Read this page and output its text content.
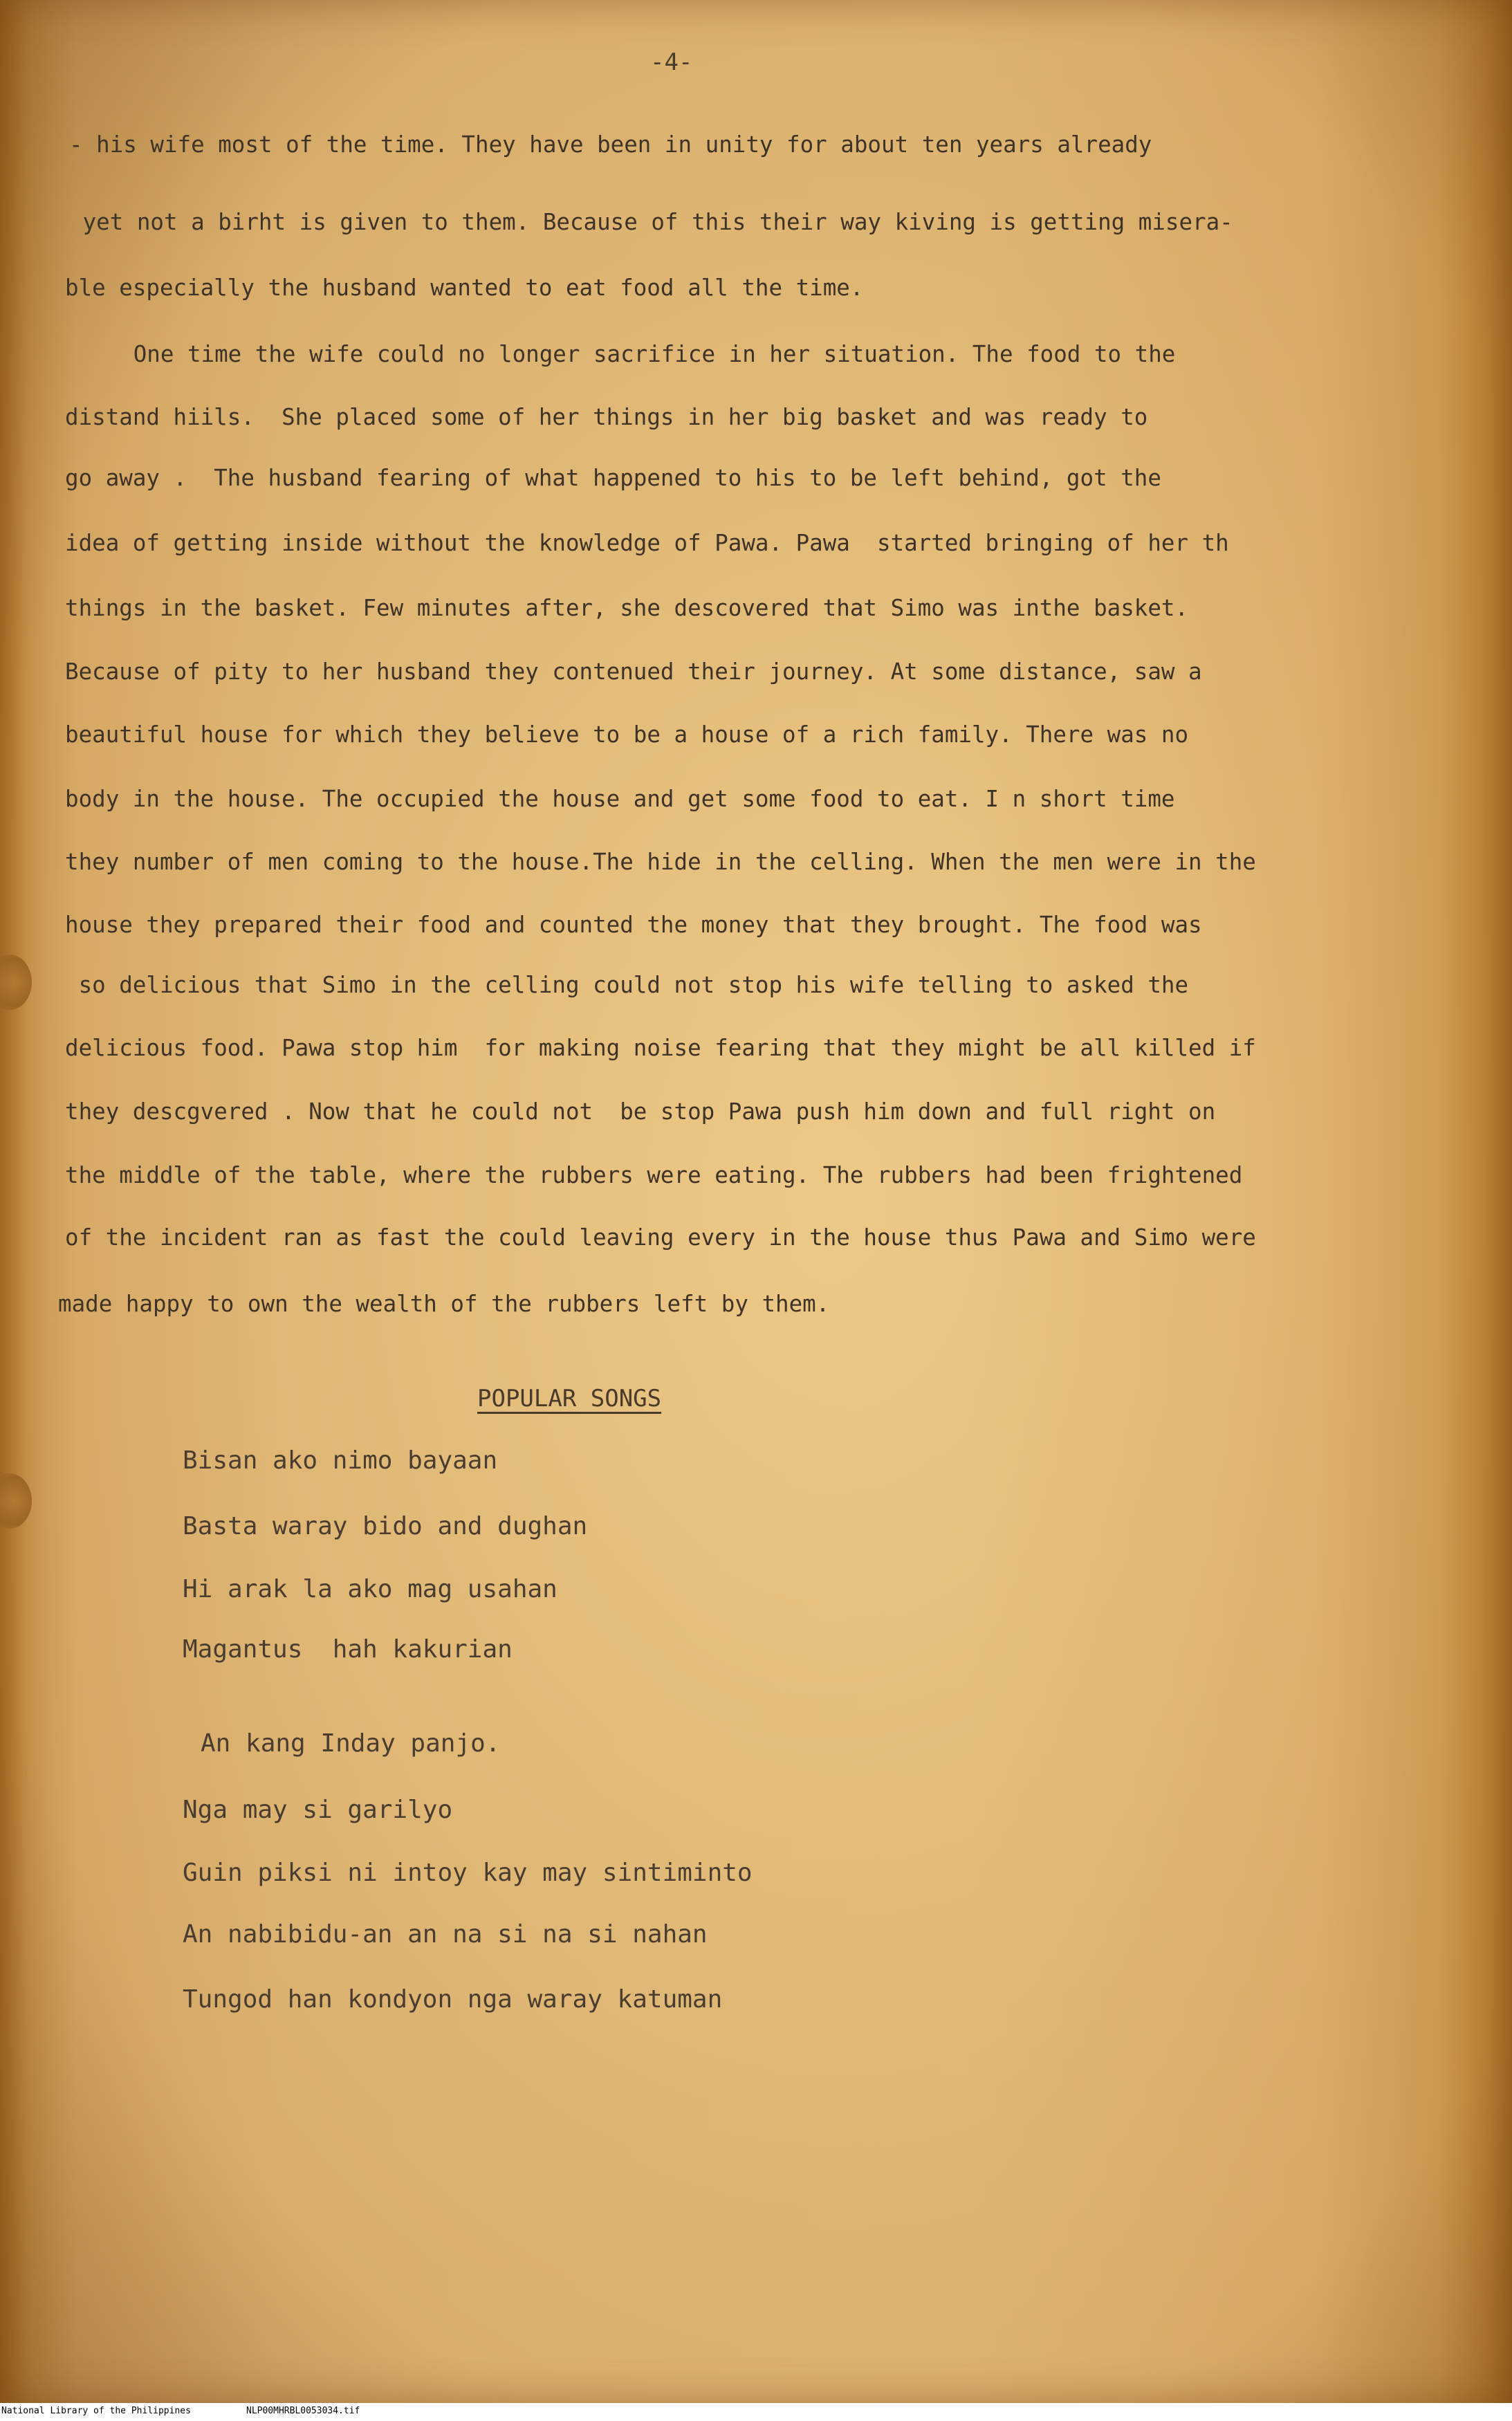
-4-
- his wife most of the time. They have been in unity for about ten years already
yet not a birht is given to them. Because of this their way kiving is getting misera-
ble especially the husband wanted to eat food all the time.
One time the wife could no longer sacrifice in her situation. The food to the
distand hiils.  She placed some of her things in her big basket and was ready to
go away .  The husband fearing of what happened to his to be left behind, got the
idea of getting inside without the knowledge of Pawa. Pawa  started bringing of her th
things in the basket. Few minutes after, she descovered that Simo was inthe basket.
Because of pity to her husband they contenued their journey. At some distance, saw a
beautiful house for which they believe to be a house of a rich family. There was no
body in the house. The occupied the house and get some food to eat. I n short time
they number of men coming to the house.The hide in the celling. When the men were in the
house they prepared their food and counted the money that they brought. The food was
so delicious that Simo in the celling could not stop his wife telling to asked the
delicious food. Pawa stop him  for making noise fearing that they might be all killed if
they descgvered . Now that he could not  be stop Pawa push him down and full right on
the middle of the table, where the rubbers were eating. The rubbers had been frightened
of the incident ran as fast the could leaving every in the house thus Pawa and Simo were
made happy to own the wealth of the rubbers left by them.
POPULAR SONGS
Bisan ako nimo bayaan
Basta waray bido and dughan
Hi arak la ako mag usahan
Magantus  hah kakurian
An kang Inday panjo.
Nga may si garilyo
Guin piksi ni intoy kay may sintiminto
An nabibidu-an an na si na si nahan
Tungod han kondyon nga waray katuman
National Library of the Philippines	NLP00MHRBL0053034.tif
